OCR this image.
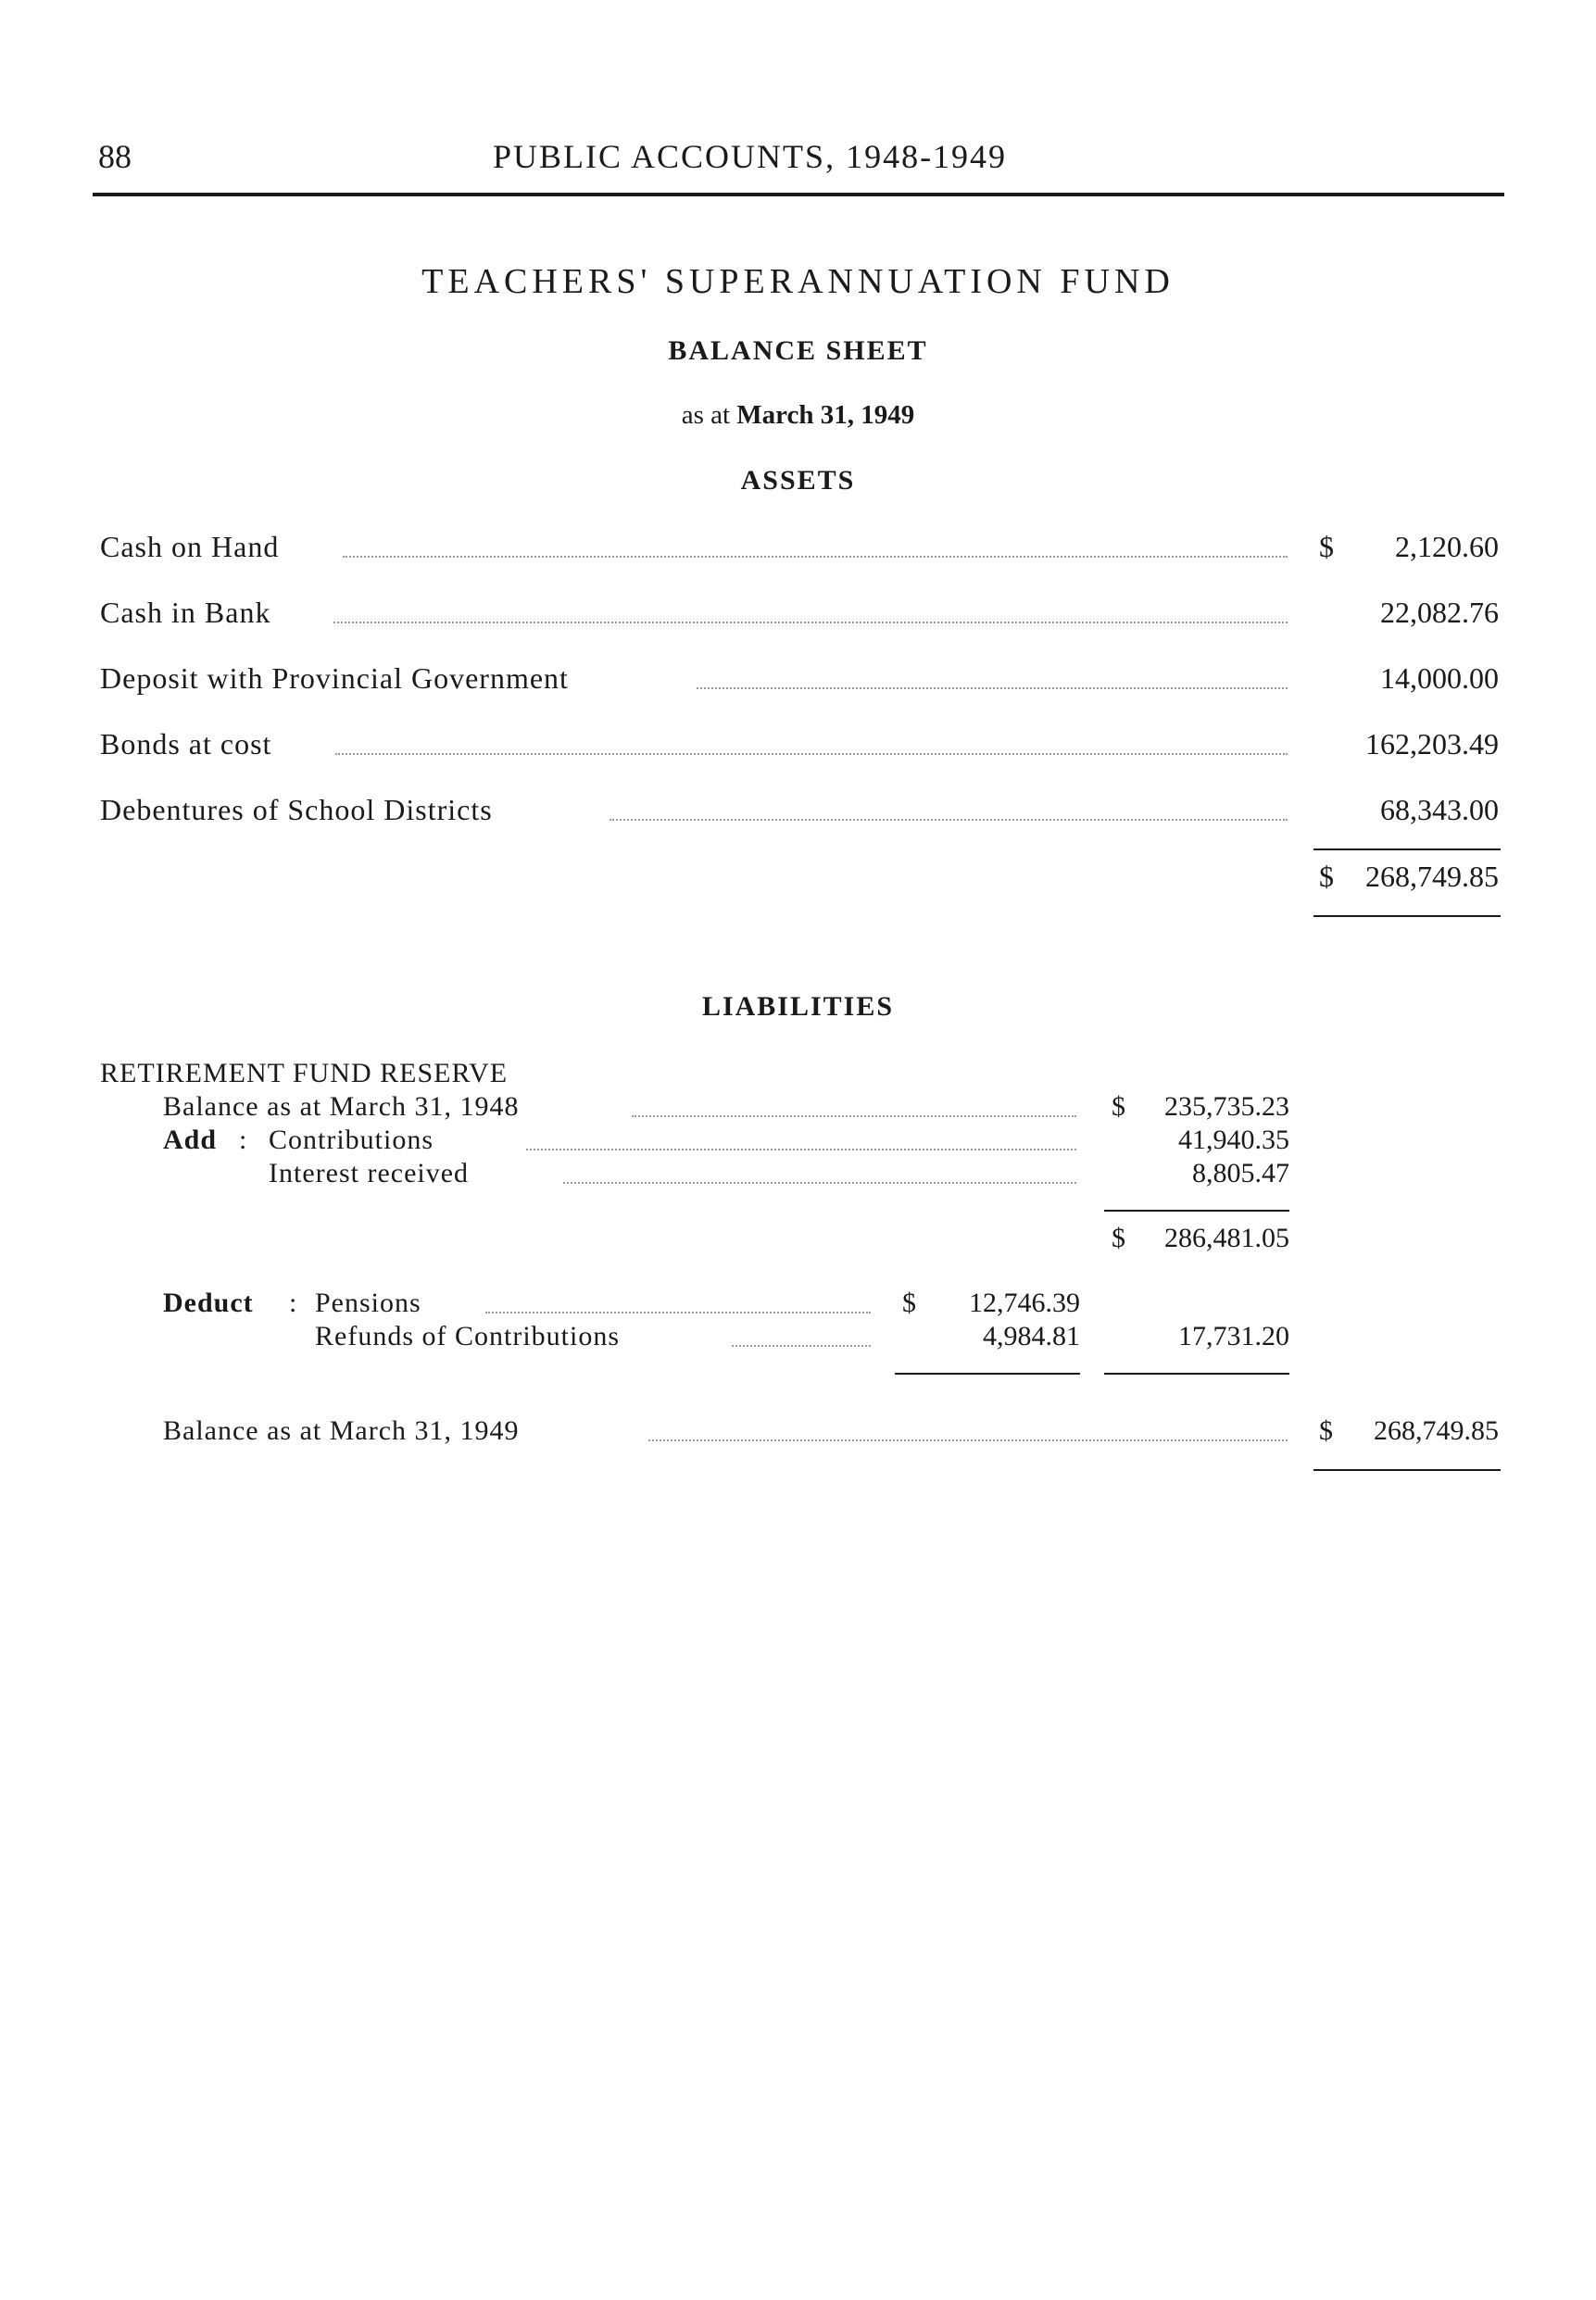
88	PUBLIC ACCOUNTS, 1948-1949
TEACHERS' SUPERANNUATION FUND
BALANCE SHEET
as at March 31, 1949
ASSETS
Cash on Hand	$	2,120.60
Cash in Bank	22,082.76
Deposit with Provincial Government	14,000.00
Bonds at cost	162,203.49
Debentures of School Districts	68,343.00
$	268,749.85
LIABILITIES
RETIREMENT FUND RESERVE
Balance as at March 31, 1948	$	235,735.23
Add : Contributions	41,940.35
Interest received	8,805.47
$	286,481.05
Deduct : Pensions	$	12,746.39
Refunds of Contributions	4,984.81	17,731.20
Balance as at March 31, 1949	$	268,749.85
